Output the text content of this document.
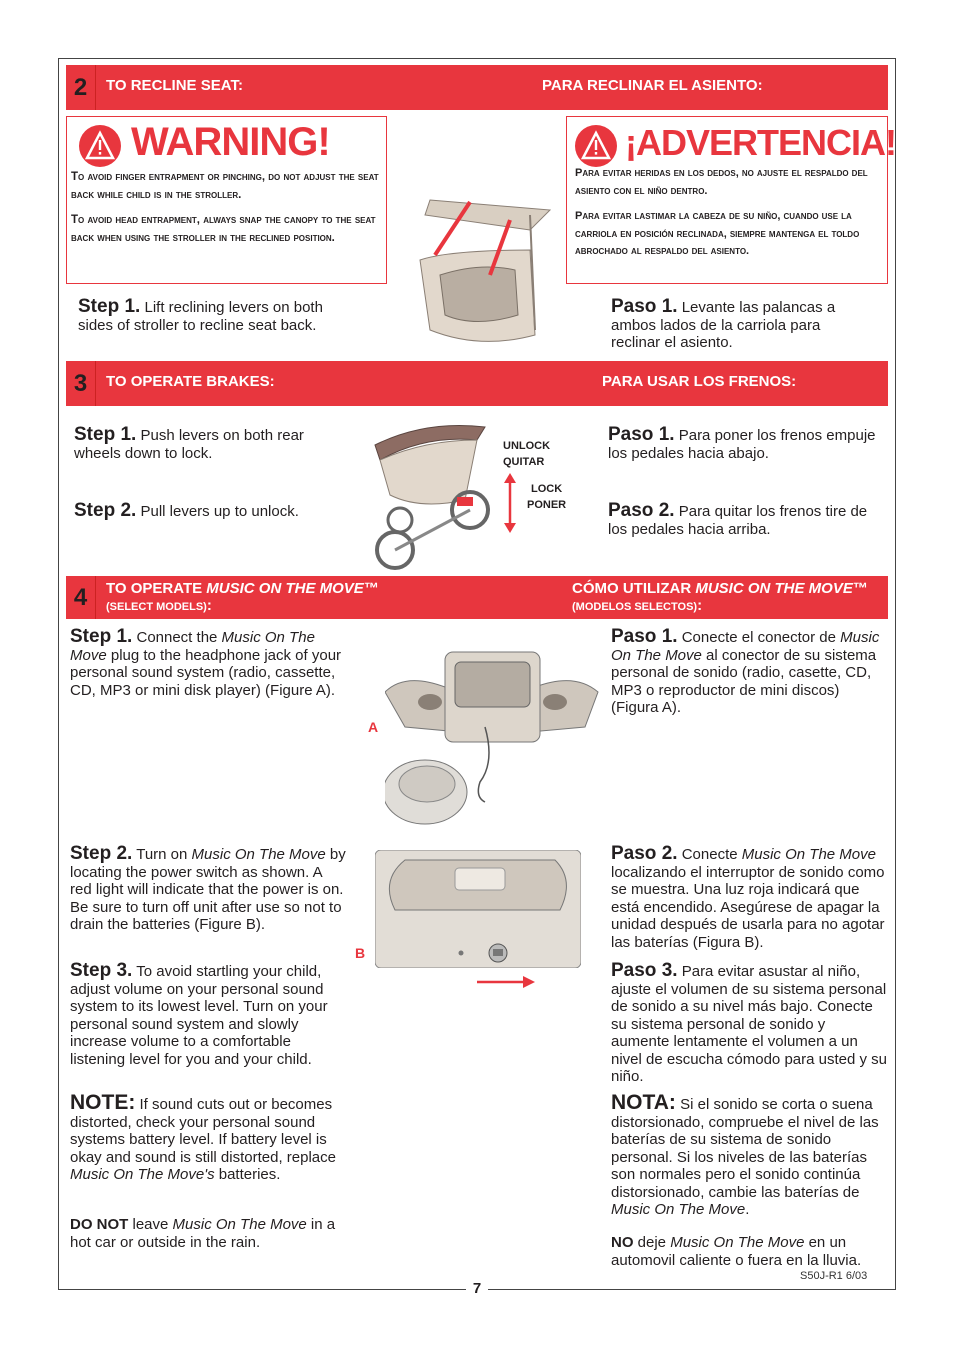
7
S50J-R1 6/03
2	TO RECLINE SEAT:	PARA RECLINAR EL ASIENTO:
WARNING!

To avoid finger entrapment or pinching, do not adjust the seat back while child is in the stroller.

To avoid head entrapment, always snap the canopy to the seat back when using the stroller in the reclined position.

¡ADVERTENCIA!

Para evitar heridas en los dedos, no ajuste el respaldo del asiento con el niño dentro.

Para evitar lastimar la cabeza de su niño, cuando use la carriola en posición reclinada, siempre mantenga el toldo abrochado al respaldo del asiento.

Step 1. Lift reclining levers on both sides of stroller to recline seat back.
Paso 1. Levante las palancas a ambos lados de la carriola para reclinar el asiento.
3	TO OPERATE BRAKES:	PARA USAR LOS FRENOS:
Step 1. Push levers on both rear wheels down to lock.
Step 2. Pull levers up to unlock.
UNLOCK
QUITAR
LOCK
PONER
Paso 1. Para poner los frenos empuje los pedales hacia abajo.
Paso 2. Para quitar los frenos tire de los pedales hacia arriba.
4	TO OPERATE MUSIC ON THE MOVE™ (SELECT MODELS):
CÓMO UTILIZAR MUSIC ON THE MOVE™ (MODELOS SELECTOS):
Step 1. Connect the Music On The Move plug to the headphone jack of your personal sound system (radio, cassette, CD, MP3 or mini disk player) (Figure A).
A
Paso 1. Conecte el conector de Music On The Move al conector de su sistema personal de sonido (radio, casette, CD, MP3 o reproductor de mini discos) (Figura A).
Step 2. Turn on Music On The Move by locating the power switch as shown. A red light will indicate that the power is on. Be sure to turn off unit after use so not to drain the batteries (Figure B).
B
Paso 2. Conecte Music On The Move localizando el interruptor de sonido como se muestra. Una luz roja indicará que está encendido. Asegúrese de apagar la unidad después de usarla para no agotar las baterías (Figura B).
Step 3. To avoid startling your child, adjust volume on your personal sound system to its lowest level. Turn on your personal sound system and slowly increase volume to a comfortable listening level for you and your child.
Paso 3. Para evitar asustar al niño, ajuste el volumen de su sistema personal de sonido a su nivel más bajo. Conecte su sistema personal de sonido y aumente lentamente el volumen a un nivel de escucha cómodo para usted y su niño.
NOTE: If sound cuts out or becomes distorted, check your personal sound systems battery level. If battery level is okay and sound is still distorted, replace Music On The Move's batteries.
NOTA: Si el sonido se corta o suena distorsionado, compruebe el nivel de las baterías de su sistema de sonido personal. Si los niveles de las baterías son normales pero el sonido continúa distorsionado, cambie las baterías de Music On The Move.
DO NOT leave Music On The Move in a hot car or outside in the rain.	NO deje Music On The Move en un automovil caliente o fuera en la lluvia.
